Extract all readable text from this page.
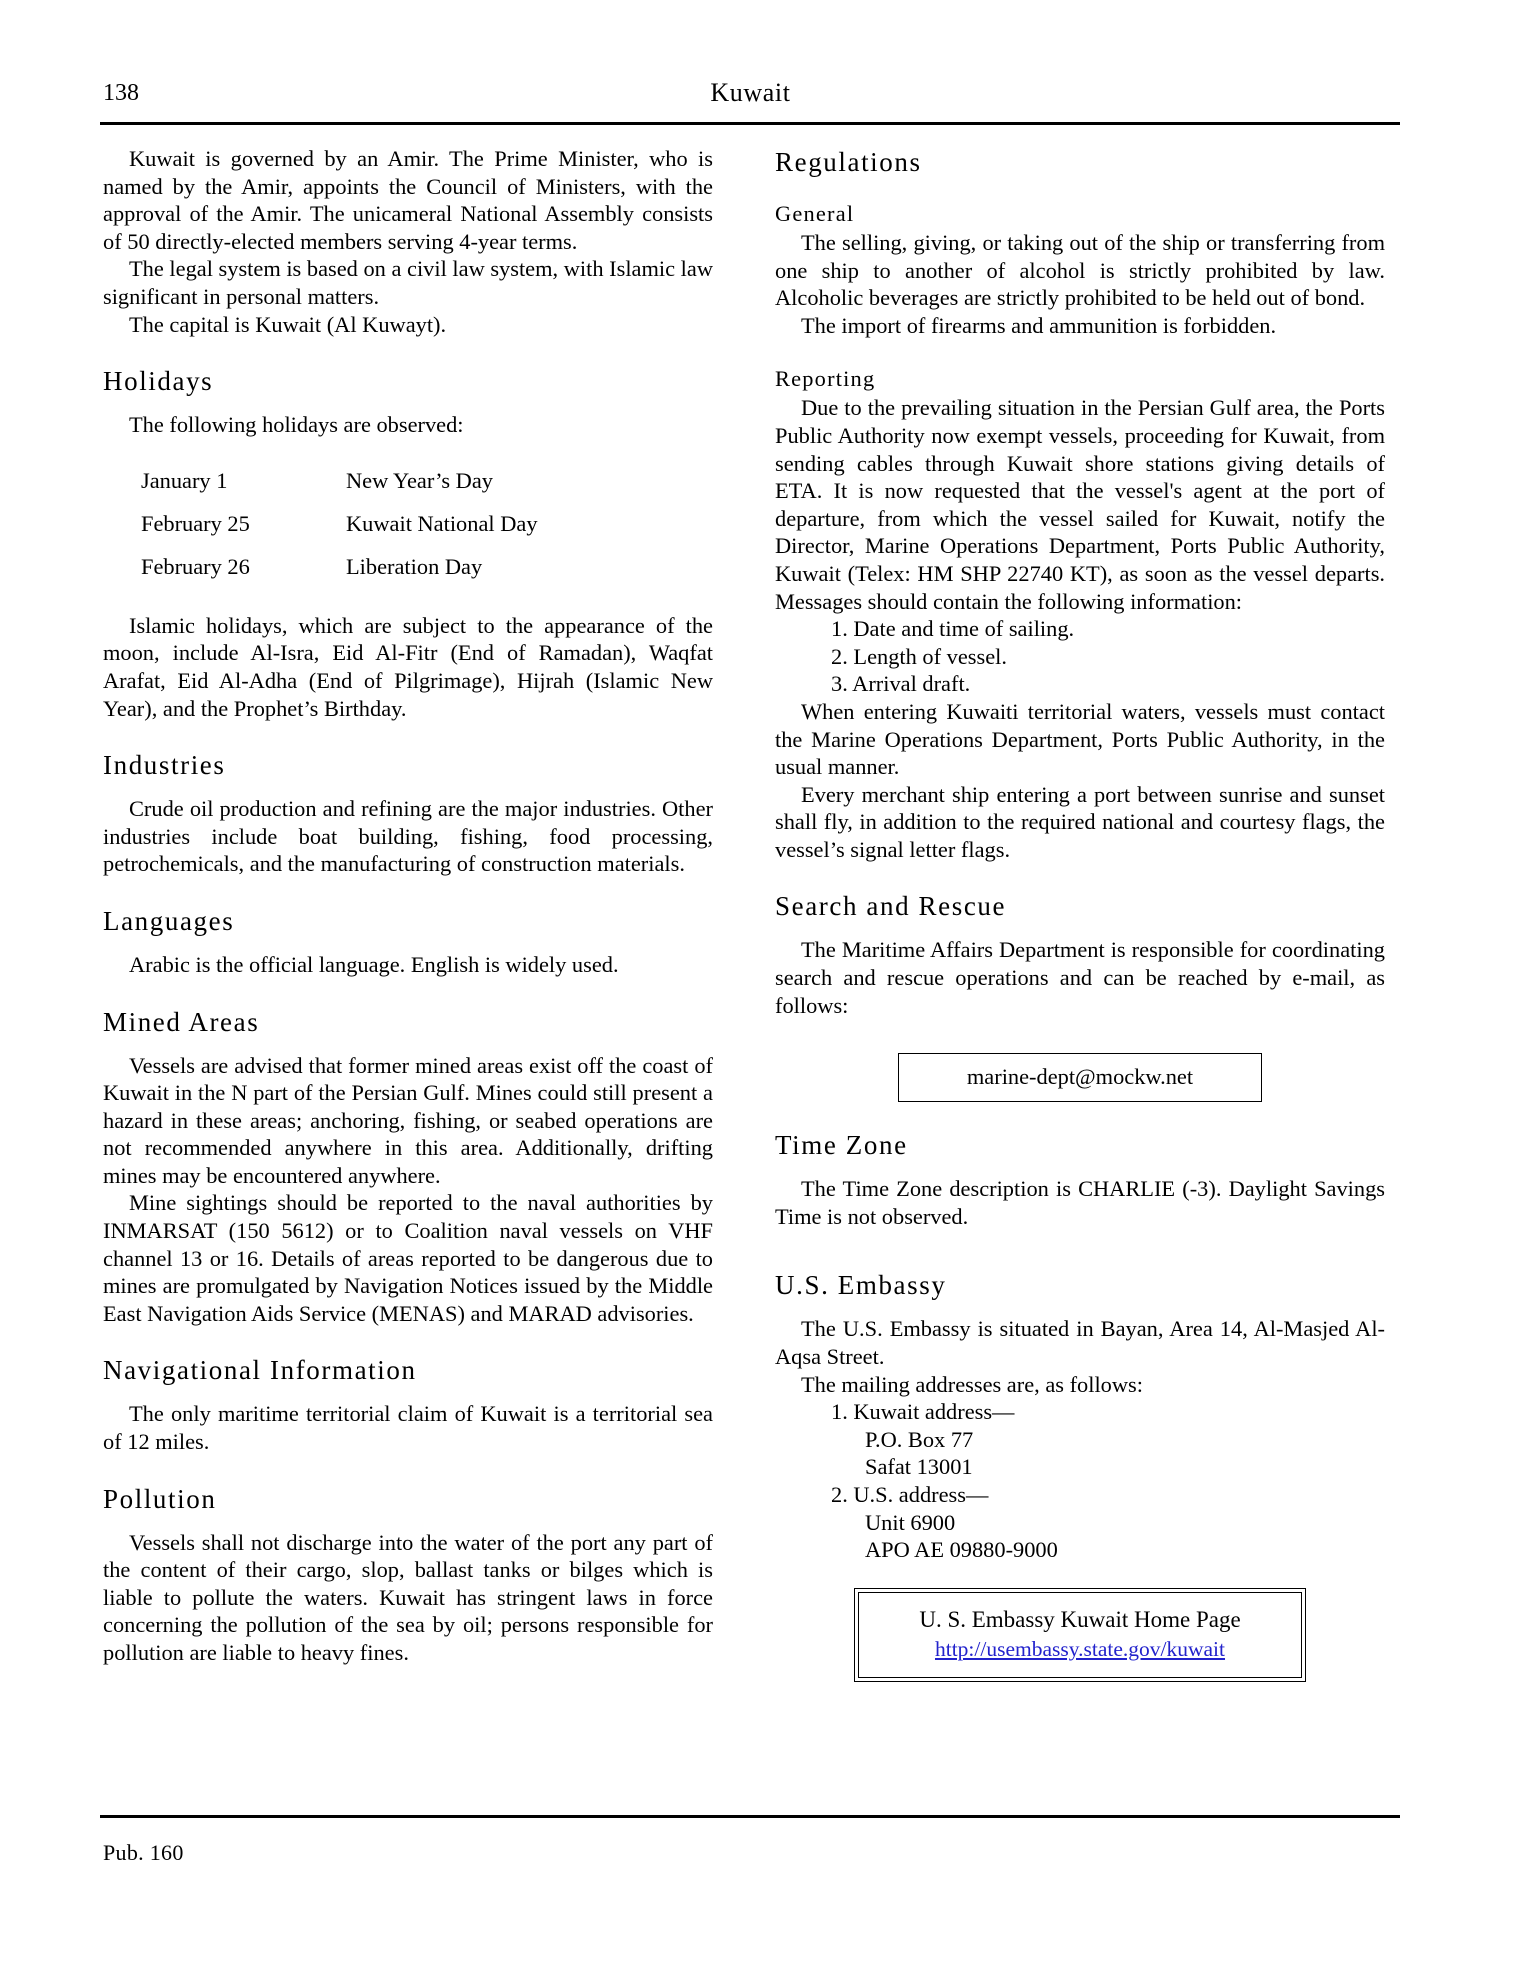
138	Kuwait

Kuwait is governed by an Amir. The Prime Minister, who is named by the Amir, appoints the Council of Ministers, with the approval of the Amir. The unicameral National Assembly consists of 50 directly-elected members serving 4-year terms.

The legal system is based on a civil law system, with Islamic law significant in personal matters.

The capital is Kuwait (Al Kuwayt).

Holidays

The following holidays are observed:

January 1	New Year’s Day
February 25	Kuwait National Day
February 26	Liberation Day

Islamic holidays, which are subject to the appearance of the moon, include Al-Isra, Eid Al-Fitr (End of Ramadan), Waqfat Arafat, Eid Al-Adha (End of Pilgrimage), Hijrah (Islamic New Year), and the Prophet’s Birthday.

Industries

Crude oil production and refining are the major industries. Other industries include boat building, fishing, food processing, petrochemicals, and the manufacturing of construction materials.

Languages

Arabic is the official language. English is widely used.

Mined Areas

Vessels are advised that former mined areas exist off the coast of Kuwait in the N part of the Persian Gulf. Mines could still present a hazard in these areas; anchoring, fishing, or seabed operations are not recommended anywhere in this area. Additionally, drifting mines may be encountered anywhere.

Mine sightings should be reported to the naval authorities by INMARSAT (150 5612) or to Coalition naval vessels on VHF channel 13 or 16. Details of areas reported to be dangerous due to mines are promulgated by Navigation Notices issued by the Middle East Navigation Aids Service (MENAS) and MARAD advisories.

Navigational Information

The only maritime territorial claim of Kuwait is a territorial sea of 12 miles.

Pollution

Vessels shall not discharge into the water of the port any part of the content of their cargo, slop, ballast tanks or bilges which is liable to pollute the waters. Kuwait has stringent laws in force concerning the pollution of the sea by oil; persons responsible for pollution are liable to heavy fines.

Regulations
General

The selling, giving, or taking out of the ship or transferring from one ship to another of alcohol is strictly prohibited by law. Alcoholic beverages are strictly prohibited to be held out of bond.

The import of firearms and ammunition is forbidden.

Reporting

Due to the prevailing situation in the Persian Gulf area, the Ports Public Authority now exempt vessels, proceeding for Kuwait, from sending cables through Kuwait shore stations giving details of ETA. It is now requested that the vessel's agent at the port of departure, from which the vessel sailed for Kuwait, notify the Director, Marine Operations Department, Ports Public Authority, Kuwait (Telex: HM SHP 22740 KT), as soon as the vessel departs. Messages should contain the following information:

1. Date and time of sailing.
2. Length of vessel.
3. Arrival draft.

When entering Kuwaiti territorial waters, vessels must contact the Marine Operations Department, Ports Public Authority, in the usual manner.

Every merchant ship entering a port between sunrise and sunset shall fly, in addition to the required national and courtesy flags, the vessel’s signal letter flags.

Search and Rescue

The Maritime Affairs Department is responsible for coordinating search and rescue operations and can be reached by e-mail, as follows:

marine-dept@mockw.net
Time Zone

The Time Zone description is CHARLIE (-3). Daylight Savings Time is not observed.

U.S. Embassy

The U.S. Embassy is situated in Bayan, Area 14, Al-Masjed Al-Aqsa Street.

The mailing addresses are, as follows:

1. Kuwait address—
P.O. Box 77
Safat 13001
2. U.S. address—
Unit 6900
APO AE 09880-9000
U. S. Embassy Kuwait Home Page
http://usembassy.state.gov/kuwait
Pub. 160
